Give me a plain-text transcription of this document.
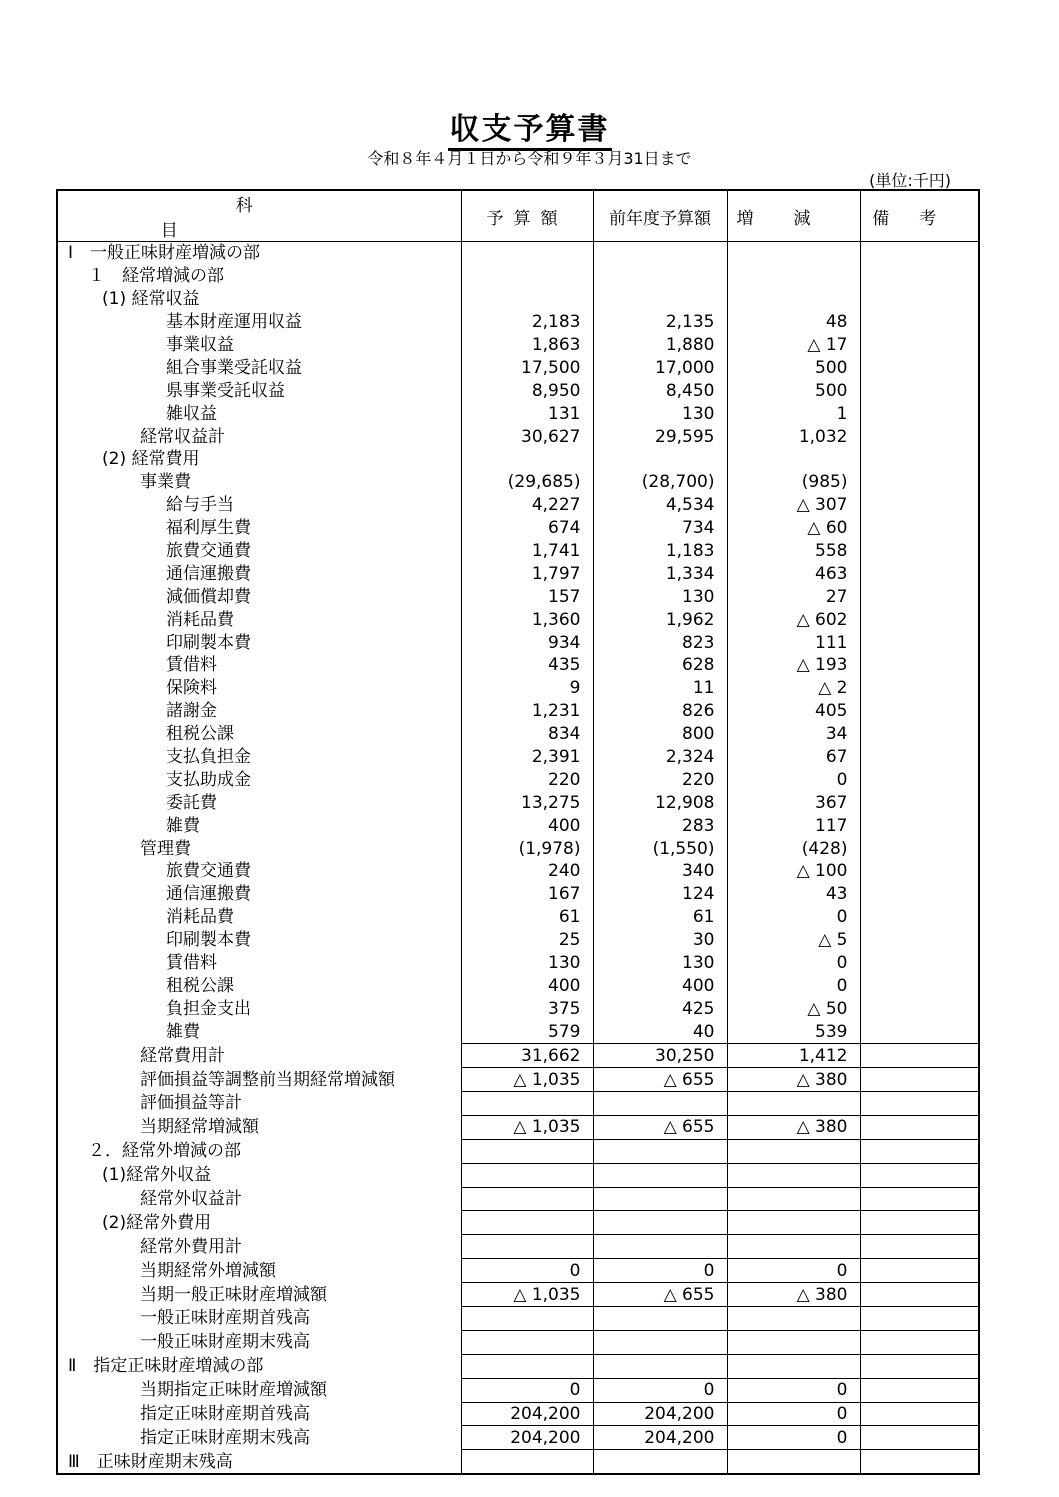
収支予算書
令和８年４月１日から令和９年３月31日まで
(単位:千円)
科目	予算額	前年度予算額	増減	備考
Ⅰ　一般正味財産増減の部				
１　経常増減の部				
(1) 経常収益				
基本財産運用収益	2,183	2,135	48	
事業収益	1,863	1,880	△ 17	
組合事業受託収益	17,500	17,000	500	
県事業受託収益	8,950	8,450	500	
雑収益	131	130	1	
経常収益計	30,627	29,595	1,032	
(2) 経常費用				
事業費	(29,685)	(28,700)	(985)	
給与手当	4,227	4,534	△ 307	
福利厚生費	674	734	△ 60	
旅費交通費	1,741	1,183	558	
通信運搬費	1,797	1,334	463	
減価償却費	157	130	27	
消耗品費	1,360	1,962	△ 602	
印刷製本費	934	823	111	
賃借料	435	628	△ 193	
保険料	9	11	△ 2	
諸謝金	1,231	826	405	
租税公課	834	800	34	
支払負担金	2,391	2,324	67	
支払助成金	220	220	0	
委託費	13,275	12,908	367	
雑費	400	283	117	
管理費	(1,978)	(1,550)	(428)	
旅費交通費	240	340	△ 100	
通信運搬費	167	124	43	
消耗品費	61	61	0	
印刷製本費	25	30	△ 5	
賃借料	130	130	0	
租税公課	400	400	0	
負担金支出	375	425	△ 50	
雑費	579	40	539	
経常費用計	31,662	30,250	1,412	
評価損益等調整前当期経常増減額	△ 1,035	△ 655	△ 380	
評価損益等計				
当期経常増減額	△ 1,035	△ 655	△ 380	
２．経常外増減の部				
(1)経常外収益				
経常外収益計				
(2)経常外費用				
経常外費用計				
当期経常外増減額	0	0	0	
当期一般正味財産増減額	△ 1,035	△ 655	△ 380	
一般正味財産期首残高				
一般正味財産期末残高				
Ⅱ　指定正味財産増減の部				
当期指定正味財産増減額	0	0	0	
指定正味財産期首残高	204,200	204,200	0	
指定正味財産期末残高	204,200	204,200	0	
Ⅲ　正味財産期末残高				
